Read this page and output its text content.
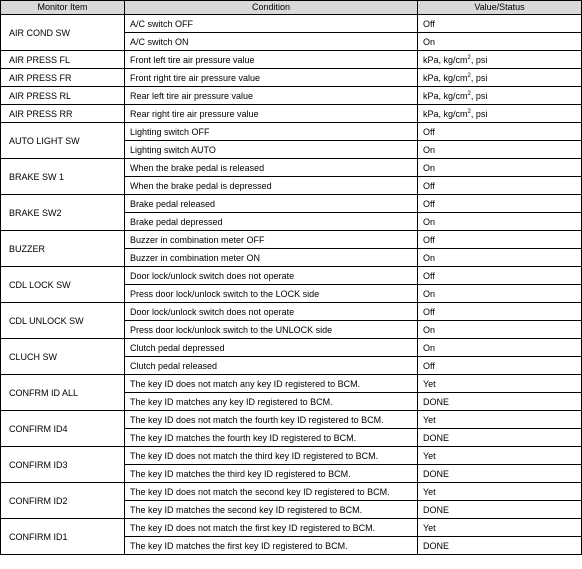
Monitor Item	Condition	Value/Status
AIR COND SW	A/C switch OFF	Off
	A/C switch ON	On
AIR PRESS FL	Front left tire air pressure value	kPa, $kg/cm^2$, psi
AIR PRESS FR	Front right tire air pressure value	kPa, $kg/cm^2$, psi
AIR PRESS RL	Rear left tire air pressure value	kPa, $kg/cm^2$, psi
AIR PRESS RR	Rear right tire air pressure value	kPa, $kg/cm^2$, psi
AUTO LIGHT SW	Lighting switch OFF	Off
	Lighting switch AUTO	On
BRAKE SW 1	When the brake pedal is released	On
	When the brake pedal is depressed	Off
BRAKE SW2	Brake pedal released	Off
	Brake pedal depressed	On
BUZZER	Buzzer in combination meter OFF	Off
	Buzzer in combination meter ON	On
CDL LOCK SW	Door lock/unlock switch does not operate	Off
	Press door lock/unlock switch to the LOCK side	On
CDL UNLOCK SW	Door lock/unlock switch does not operate	Off
	Press door lock/unlock switch to the UNLOCK side	On
CLUCH SW	Clutch pedal depressed	On
	Clutch pedal released	Off
CONFRM ID ALL	The key ID does not match any key ID registered to BCM.	Yet
	The key ID matches any key ID registered to BCM.	DONE
CONFIRM ID4	The key ID does not match the fourth key ID registered to BCM.	Yet
	The key ID matches the fourth key ID registered to BCM.	DONE
CONFIRM ID3	The key ID does not match the third key ID registered to BCM.	Yet
	The key ID matches the third key ID registered to BCM.	DONE
CONFIRM ID2	The key ID does not match the second key ID registered to BCM.	Yet
	The key ID matches the second key ID registered to BCM.	DONE
CONFIRM ID1	The key ID does not match the first key ID registered to BCM.	Yet
	The key ID matches the first key ID registered to BCM.	DONE
